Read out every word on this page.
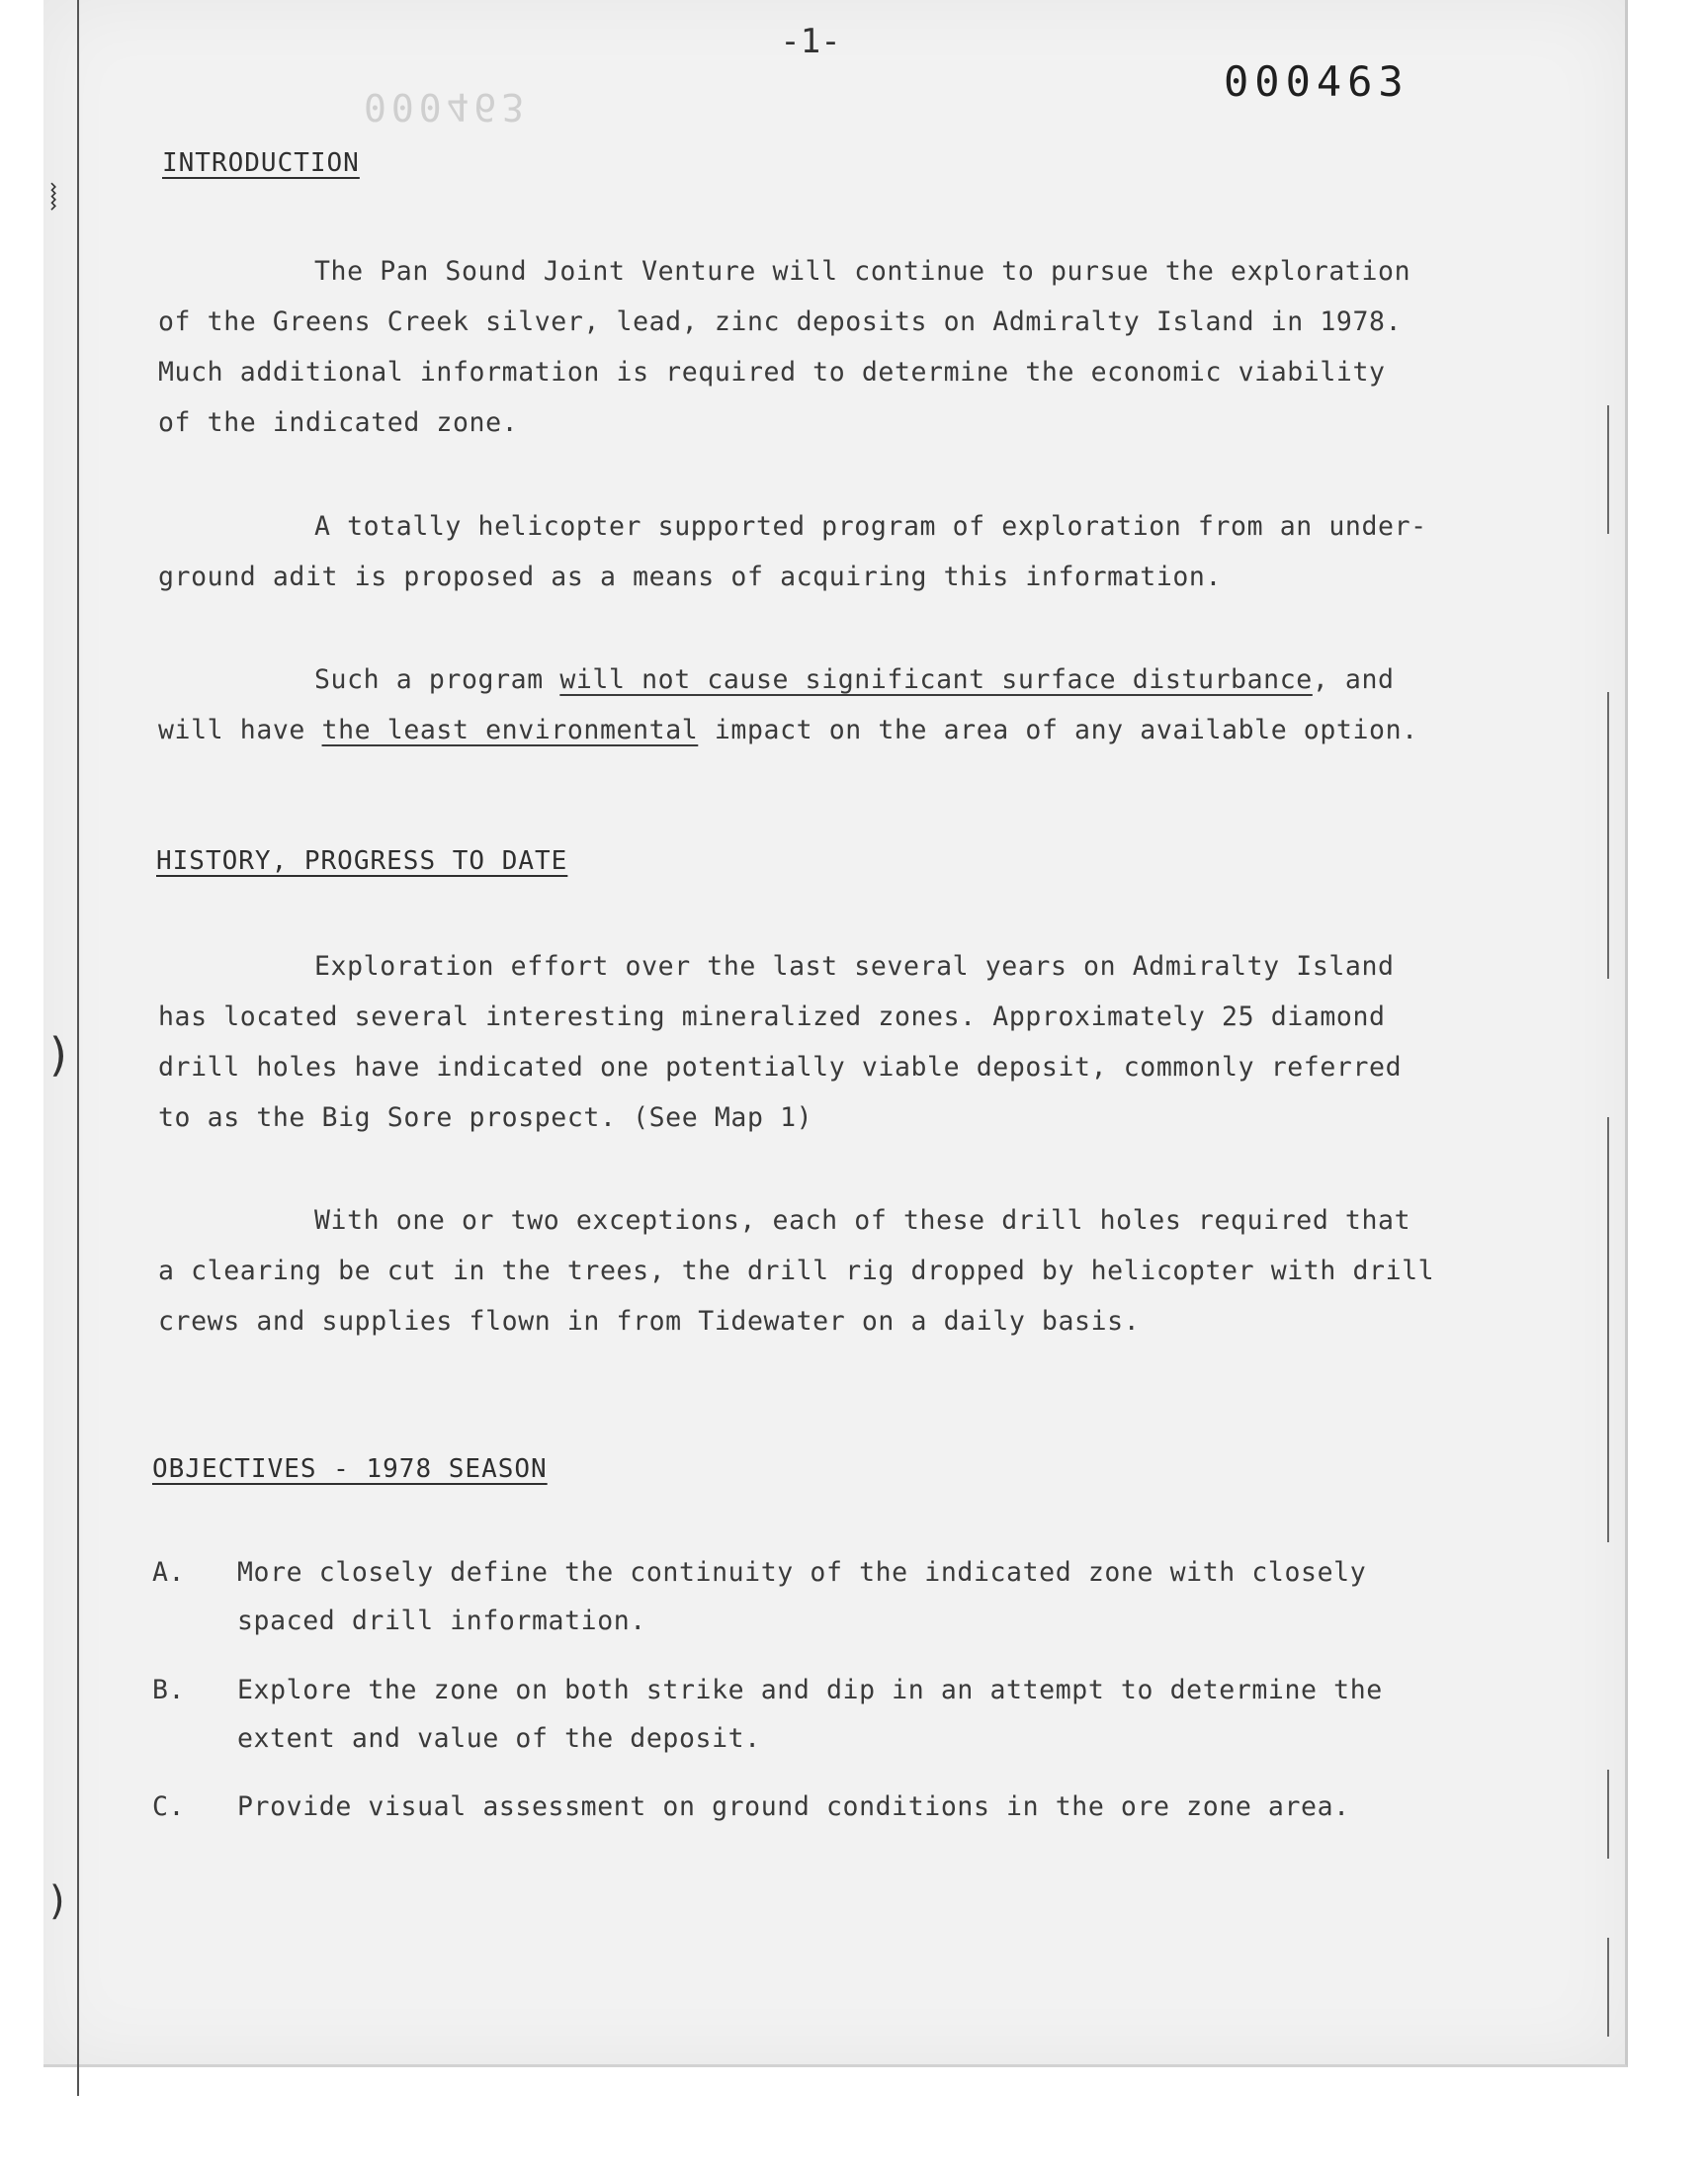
⧘
)
)
-1-
000463
000463
INTRODUCTION

The Pan Sound Joint Venture will continue to pursue the exploration
of the Greens Creek silver, lead, zinc deposits on Admiralty Island in 1978.
Much additional information is required to determine the economic viability
of the indicated zone.

A totally helicopter supported program of exploration from an under-
ground adit is proposed as a means of acquiring this information.

Such a program will not cause significant surface disturbance, and
will have the least environmental impact on the area of any available option.

HISTORY, PROGRESS TO DATE

Exploration effort over the last several years on Admiralty Island
has located several interesting mineralized zones. Approximately 25 diamond
drill holes have indicated one potentially viable deposit, commonly referred
to as the Big Sore prospect. (See Map 1)

With one or two exceptions, each of these drill holes required that
a clearing be cut in the trees, the drill rig dropped by helicopter with drill
crews and supplies flown in from Tidewater on a daily basis.

OBJECTIVES - 1978 SEASON
A. More closely define the continuity of the indicated zone with closely
spaced drill information.
B. Explore the zone on both strike and dip in an attempt to determine the
extent and value of the deposit.
C. Provide visual assessment on ground conditions in the ore zone area.
